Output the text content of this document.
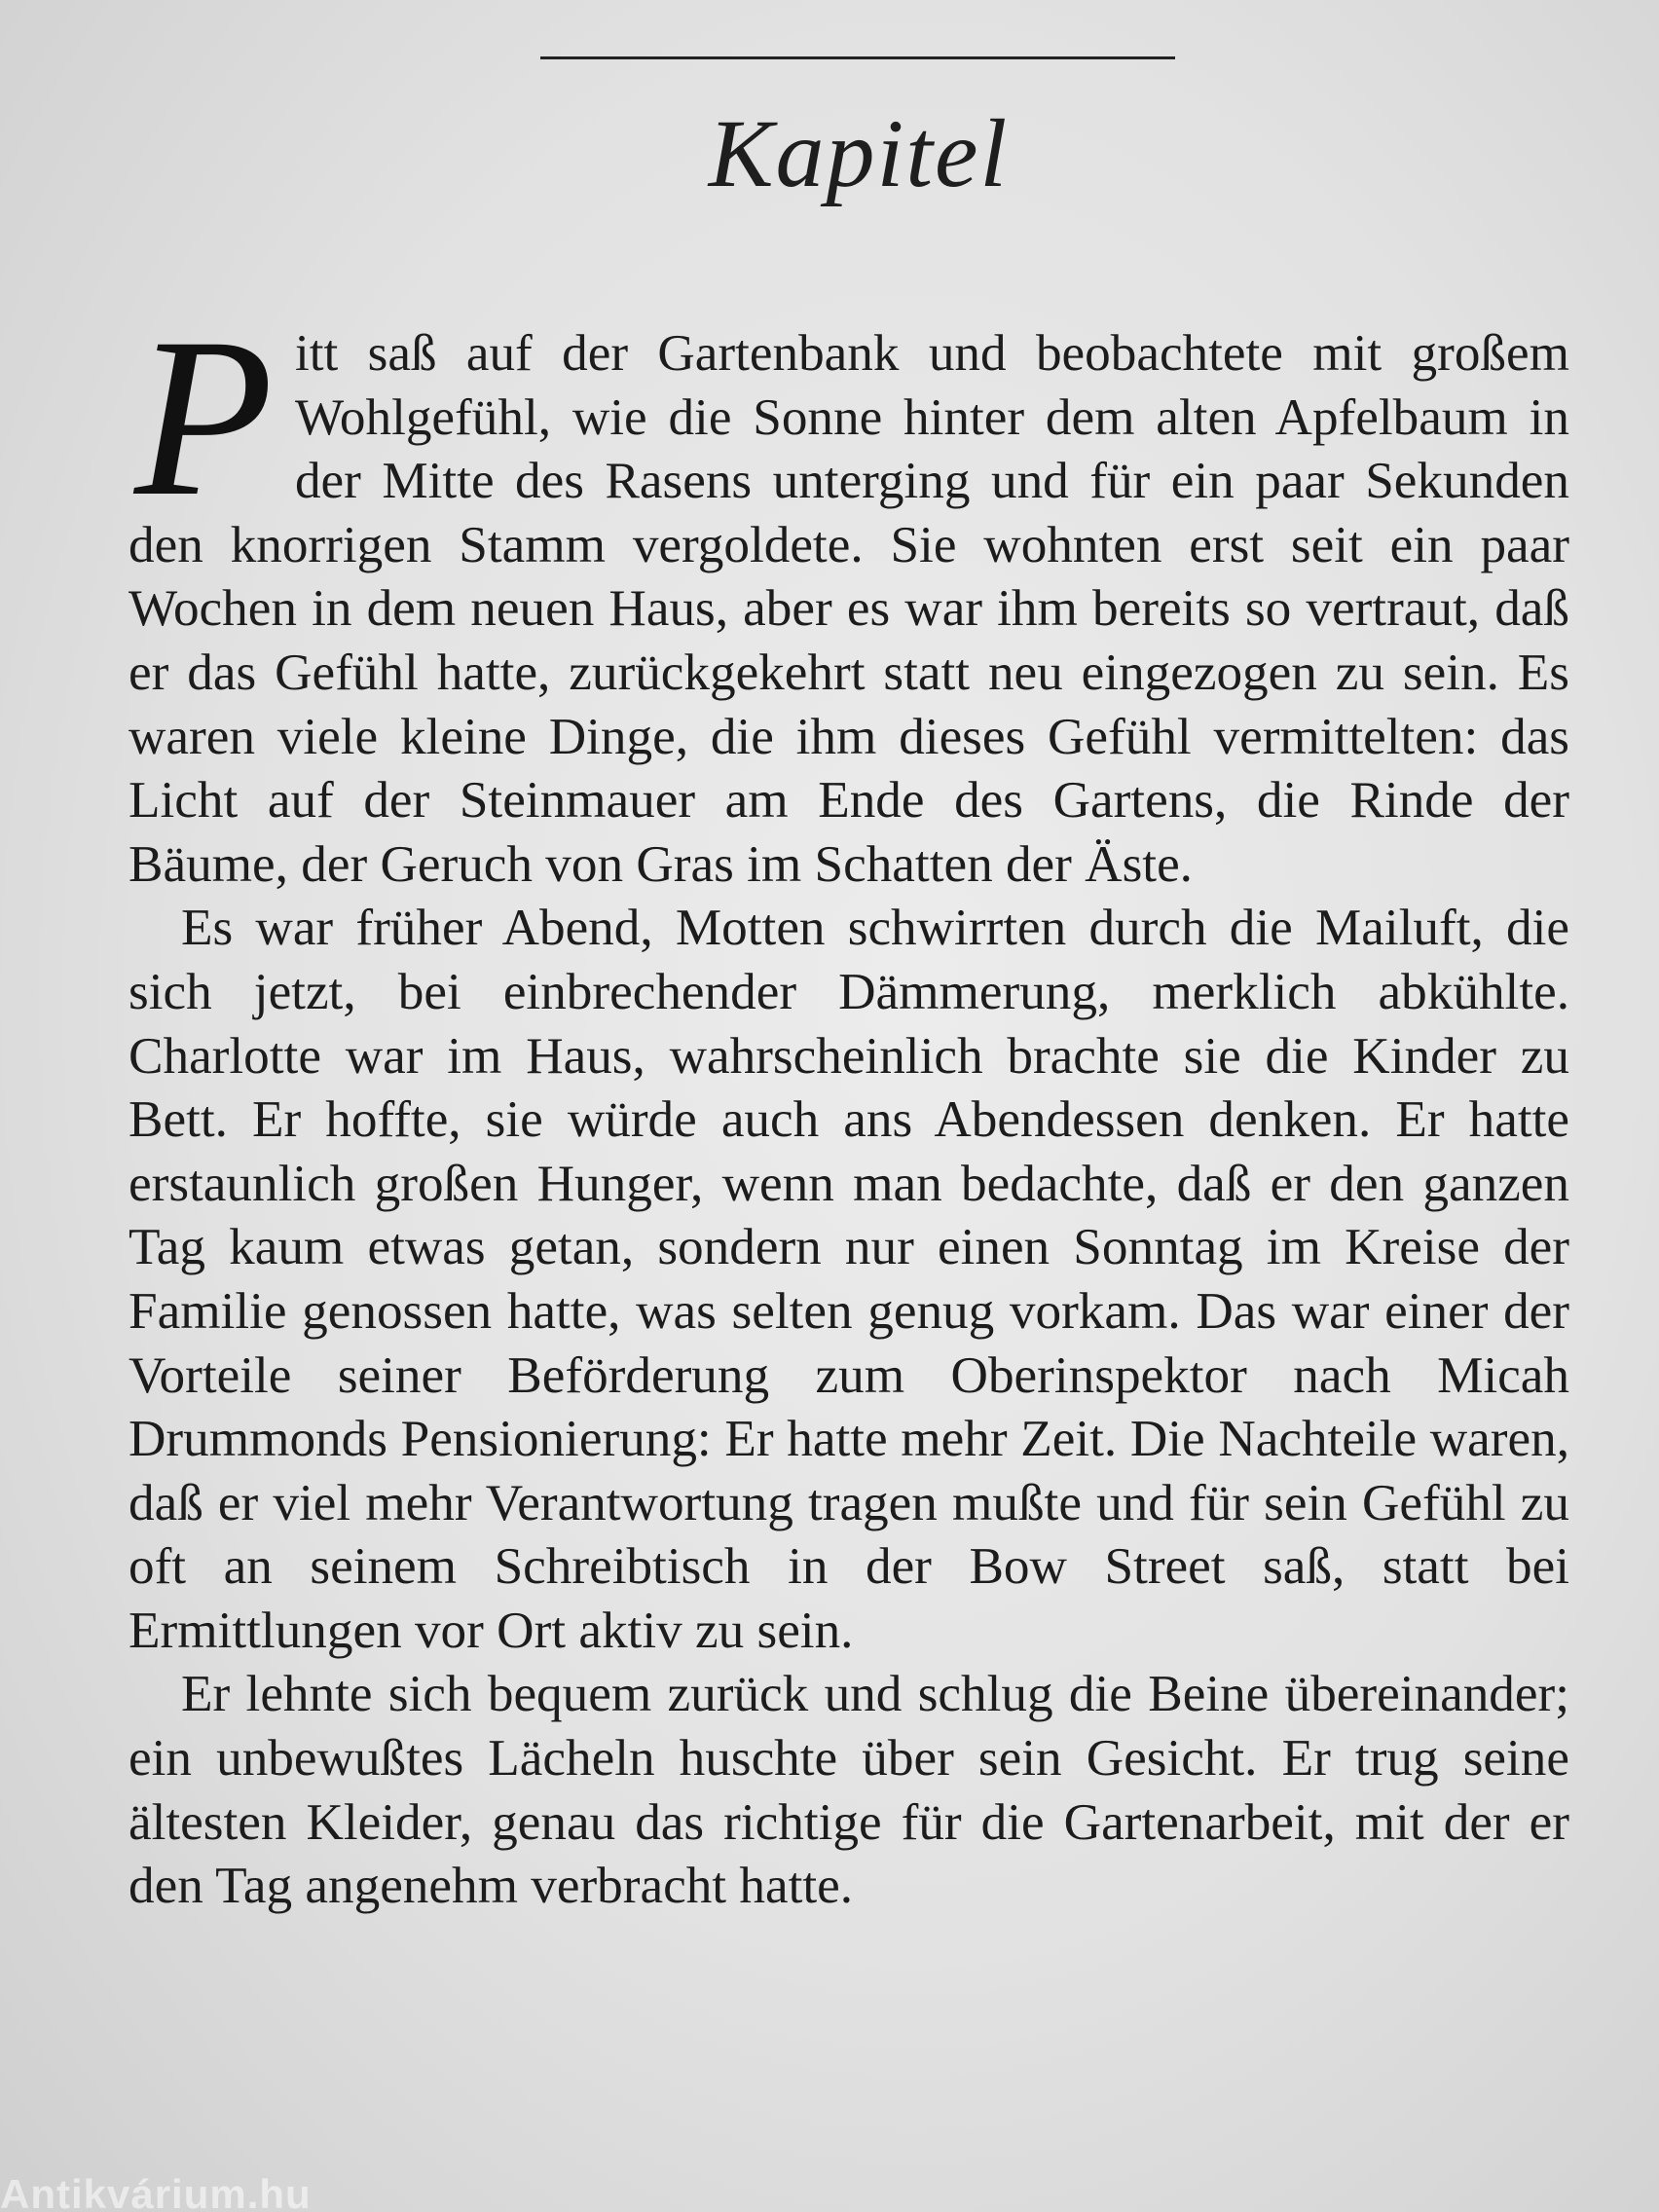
Kapitel

Pitt saß auf der Gartenbank und beobachtete mit großem Wohlgefühl, wie die Sonne hinter dem alten Apfelbaum in der Mitte des Rasens unterging und für ein paar Sekunden den knorrigen Stamm vergoldete. Sie wohnten erst seit ein paar Wochen in dem neuen Haus, aber es war ihm bereits so vertraut, daß er das Gefühl hatte, zurückgekehrt statt neu eingezogen zu sein. Es waren viele kleine Dinge, die ihm dieses Gefühl vermittelten: das Licht auf der Steinmauer am Ende des Gartens, die Rinde der Bäume, der Geruch von Gras im Schatten der Äste.

Es war früher Abend, Motten schwirrten durch die Mailuft, die sich jetzt, bei einbrechender Dämmerung, merklich abkühlte. Charlotte war im Haus, wahrscheinlich brachte sie die Kinder zu Bett. Er hoffte, sie würde auch ans Abendessen denken. Er hatte erstaunlich großen Hunger, wenn man bedachte, daß er den ganzen Tag kaum etwas getan, sondern nur einen Sonntag im Kreise der Familie genossen hatte, was selten genug vorkam. Das war einer der Vorteile seiner Beförderung zum Oberinspektor nach Micah Drummonds Pensionierung: Er hatte mehr Zeit. Die Nachteile waren, daß er viel mehr Verantwortung tragen mußte und für sein Gefühl zu oft an seinem Schreibtisch in der Bow Street saß, statt bei Ermittlungen vor Ort aktiv zu sein.

Er lehnte sich bequem zurück und schlug die Beine übereinander; ein unbewußtes Lächeln huschte über sein Gesicht. Er trug seine ältesten Kleider, genau das richtige für die Gartenarbeit, mit der er den Tag angenehm verbracht hatte.

Antikvárium.hu
